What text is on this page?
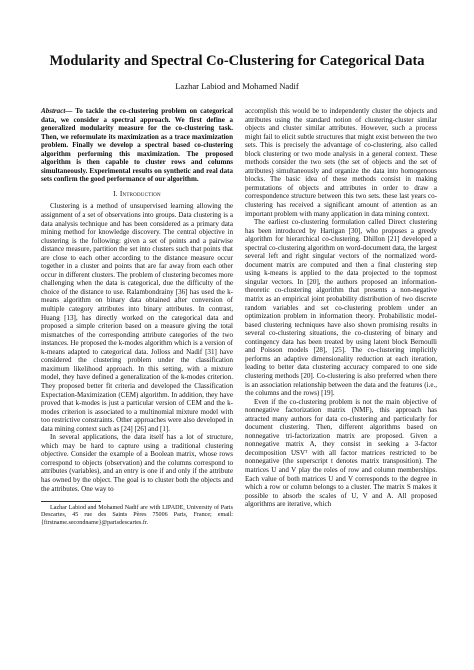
Modularity and Spectral Co-Clustering for Categorical Data
Lazhar Labiod and Mohamed Nadif
Abstract— To tackle the co-clustering problem on categorical data, we consider a spectral approach. We first define a generalized modularity measure for the co-clustering task. Then, we reformulate its maximization as a trace maximization problem. Finally we develop a spectral based co-clustering algorithm performing this maximization. The proposed algorithm is then capable to cluster rows and columns simultaneously. Experimental results on synthetic and real data sets confirm the good performance of our algorithm.
I. Introduction

Clustering is a method of unsupervised learning allowing the assignment of a set of observations into groups. Data clustering is a data analysis technique and has been considered as a primary data mining method for knowledge discovery. The central objective in clustering is the following: given a set of points and a pairwise distance measure, partition the set into clusters such that points that are close to each other according to the distance measure occur together in a cluster and points that are far away from each other occur in different clusters. The problem of clustering becomes more challenging when the data is categorical, due the difficulty of the choice of the distance to use. Ralambondrainy [36] has used the k-means algorithm on binary data obtained after conversion of multiple category attributes into binary attributes. In contrast, Huang [13], has directly worked on the categorical data and proposed a simple criterion based on a measure giving the total mismatches of the corresponding attribute categories of the two instances. He proposed the k-modes algorithm which is a version of k-means adapted to categorical data. Jolloss and Nadif [31] have considered the clustering problem under the classification maximum likelihood approach. In this setting, with a mixture model, they have defined a generalization of the k-modes criterion. They proposed better fit criteria and developed the Classification Expectation-Maximization (CEM) algorithm. In addition, they have proved that k-modes is just a particular version of CEM and the k-modes criterion is associated to a multinomial mixture model with too restrictive constraints. Other approaches were also developed in data mining context such as [24] [26] and [1].

In several applications, the data itself has a lot of structure, which may be hard to capture using a traditional clustering objective. Consider the example of a Boolean matrix, whose rows correspond to objects (observation) and the columns correspond to attributes (variables), and an entry is one if and only if the attribute has owned by the object. The goal is to cluster both the objects and the attributes. One way to

Lazhar Labiod and Mohamed Nadif are with LIPADE, University of Paris Descartes, 45 rue des Saints Pères 75006 Paris, France; email: {firstname.secondname}@parisdescartes.fr.

accomplish this would be to independently cluster the objects and attributes using the standard notion of clustering-cluster similar objects and cluster similar attributes. However, such a process might fail to elicit subtle structures that might exist between the two sets. This is precisely the advantage of co-clustering, also called block clustering or two mode analysis in a general context. These methods consider the two sets (the set of objects and the set of attributes) simultaneously and organize the data into homogenous blocks. The basic idea of these methods consist in making permutations of objects and attributes in order to draw a correspondence structure between this two sets. these last years co-clustering has received a significant amount of attention as an important problem with many application in data mining context.

The earliest co-clustering formulation called Direct clustering has been introduced by Hartigan [30], who proposes a greedy algorithm for hierarchical co-clustering. Dhillon [21] developed a spectral co-clustering algorithm on word-document data, the largest several left and right singular vectors of the normalized word-document matrix are computed and then a final clustering step using k-means is applied to the data projected to the topmost singular vectors. In [20], the authors proposed an information-theoretic co-clustering algorithm that presents a non-negative matrix as an empirical joint probability distribution of two discrete random variables and set co-clustering problem under an optimization problem in information theory. Probabilistic model-based clustering techniques have also shown promising results in several co-clustering situations, the co-clustering of binary and contingency data has been treated by using latent block Bernoulli and Poisson models [28], [25]. The co-clustering implicitly performs an adaptive dimensionality reduction at each iteration, leading to better data clustering accuracy compared to one side clustering methods [20]. Co-clustering is also preferred when there is an association relationship between the data and the features (i.e., the columns and the rows) [19].

Even if the co-clustering problem is not the main objective of nonnegative factorization matrix (NMF), this approach has attracted many authors for data co-clustering and particularly for document clustering. Then, different algorithms based on nonnegative tri-factorization matrix are proposed. Given a nonnegative matrix A, they consist in seeking a 3-factor decomposition USVᵀ with all factor matrices restricted to be nonnegative (the superscript t denotes matrix transposition). The matrices U and V play the roles of row and column memberships. Each value of both matrices U and V corresponds to the degree in which a row or column belongs to a cluster. The matrix S makes it possible to absorb the scales of U, V and A. All proposed algorithms are iterative, which
